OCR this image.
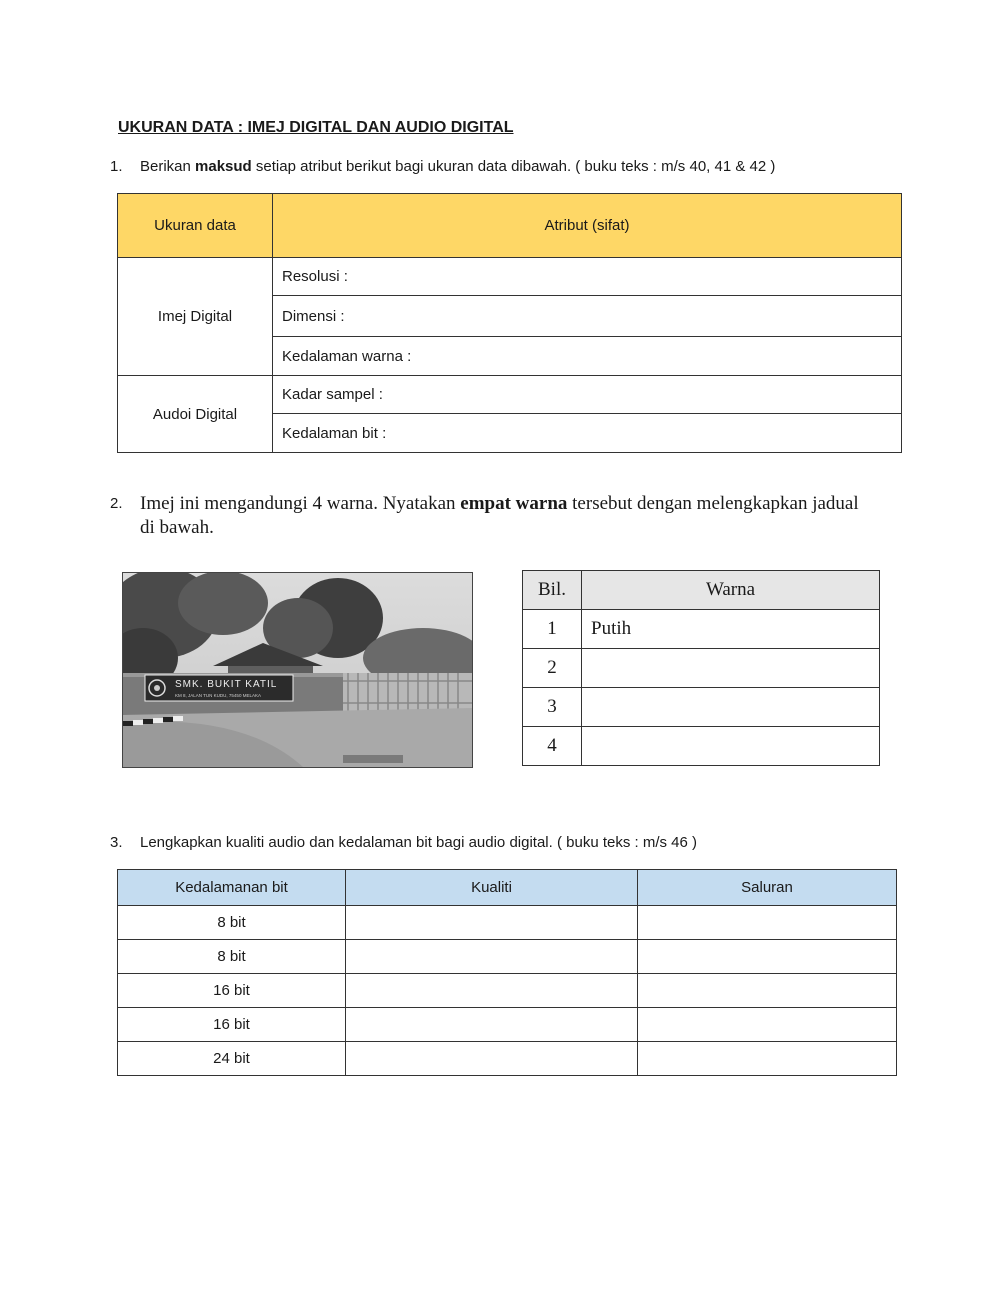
UKURAN DATA : IMEJ DIGITAL DAN AUDIO DIGITAL
1. Berikan maksud setiap atribut berikut bagi ukuran data dibawah. ( buku teks : m/s 40, 41 & 42 )
Ukuran data	Atribut (sifat)
Imej Digital	Resolusi :
	Dimensi :
	Kedalaman warna :
Audoi Digital	Kadar sampel :
	Kedalaman bit :
2. Imej ini mengandungi 4 warna. Nyatakan empat warna tersebut dengan melengkapkan jadual
di bawah.
SMK. BUKIT KATIL
KM 8, JALAN TUN KUDU, 75450 MELAKA
Bil.	Warna
1	Putih
2	
3	
4	
3. Lengkapkan kualiti audio dan kedalaman bit bagi audio digital. ( buku teks : m/s 46 )
Kedalamanan bit	Kualiti	Saluran
8 bit		
8 bit		
16 bit		
16 bit		
24 bit		
